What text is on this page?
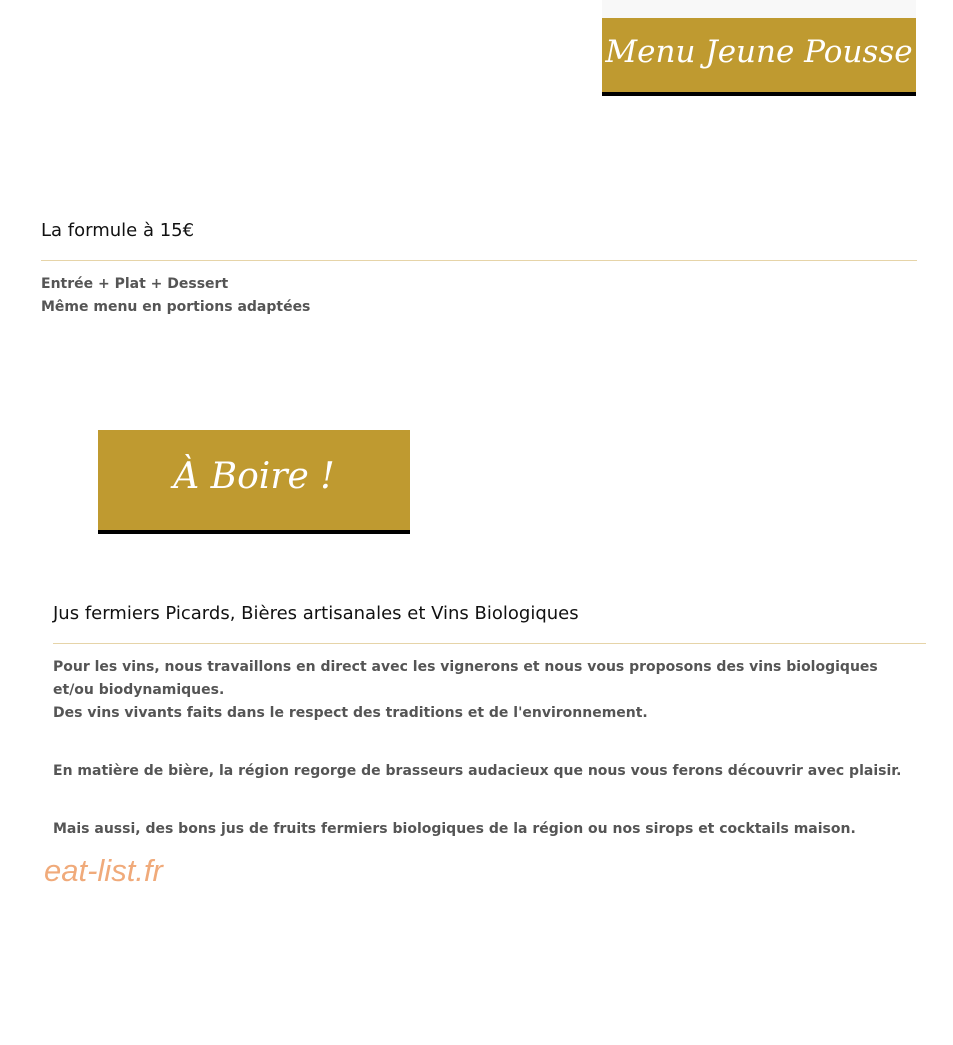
Menu Jeune Pousse
La formule à 15€

Entrée + Plat + Dessert

Même menu en portions adaptées

À Boire !
Jus fermiers Picards, Bières artisanales et Vins Biologiques

Pour les vins, nous travaillons en direct avec les vignerons et nous vous proposons des vins biologiques et/ou biodynamiques.

Des vins vivants faits dans le respect des traditions et de l'environnement.

En matière de bière, la région regorge de brasseurs audacieux que nous vous ferons découvrir avec plaisir.

Mais aussi, des bons jus de fruits fermiers biologiques de la région ou nos sirops et cocktails maison.

eat-list.fr
